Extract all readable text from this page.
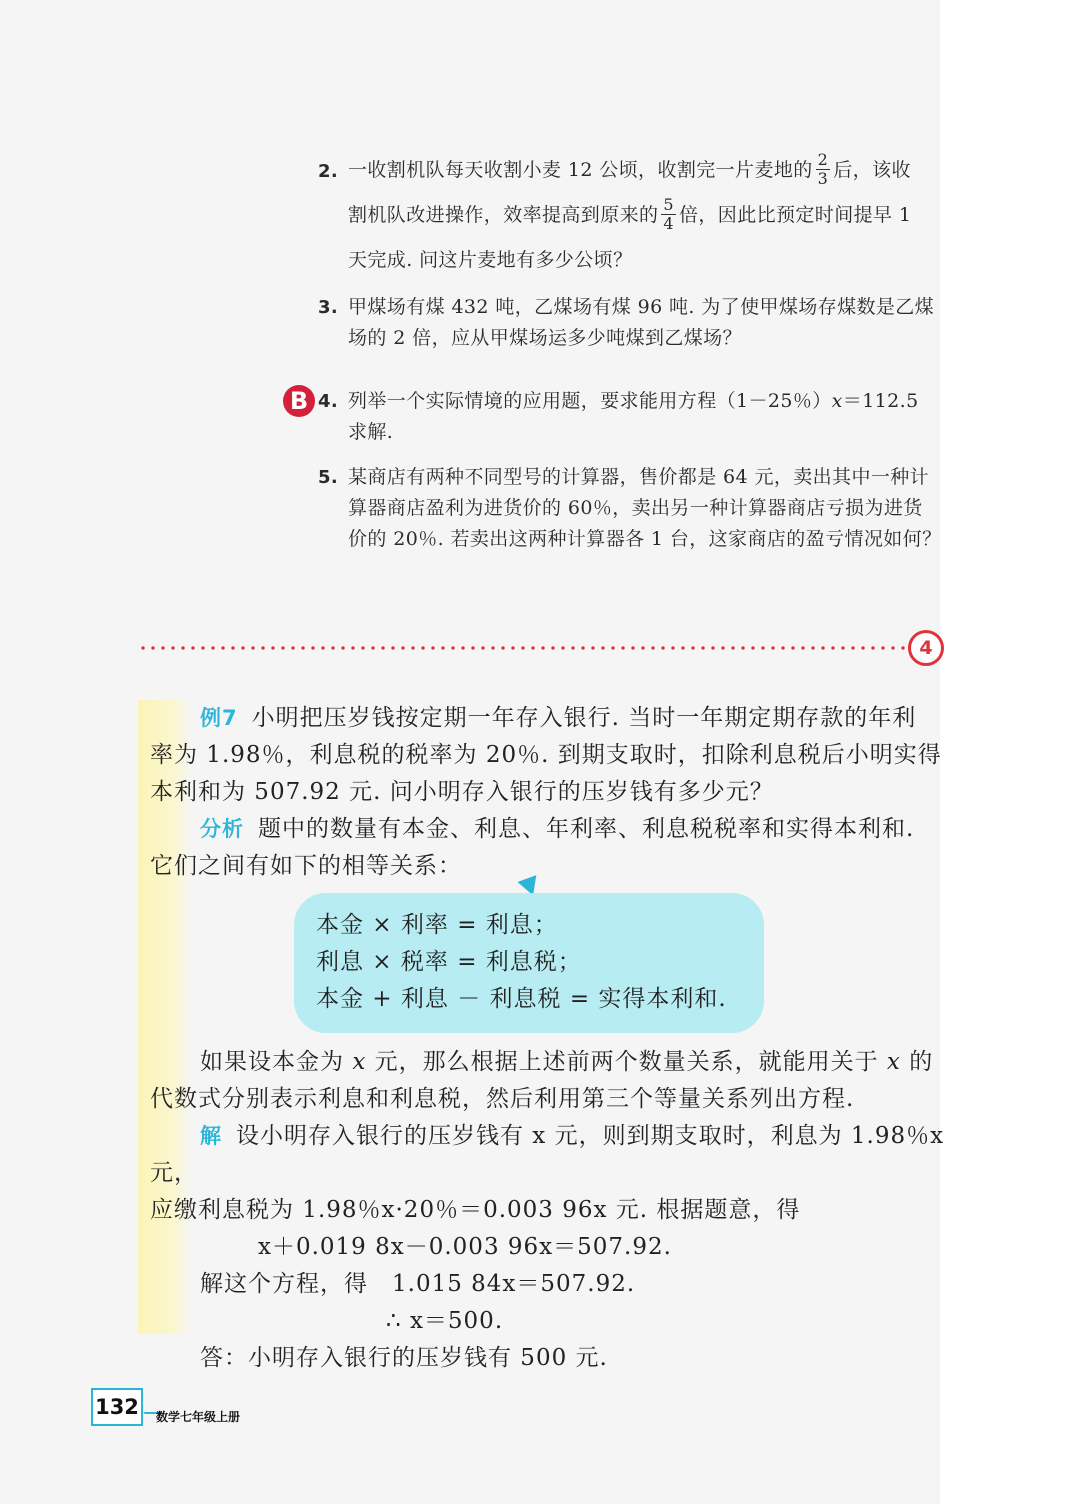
2. 一收割机队每天收割小麦 12 公顷，收割完一片麦地的 $\frac{2}{3}$ 后，该收
割机队改进操作，效率提高到原来的 $\frac{5}{4}$ 倍，因此比预定时间提早 1
天完成. 问这片麦地有多少公顷？
3. 甲煤场有煤 432 吨，乙煤场有煤 96 吨. 为了使甲煤场存煤数是乙煤
场的 2 倍，应从甲煤场运多少吨煤到乙煤场？
B 4. 列举一个实际情境的应用题，要求能用方程（1－25％）x＝112.5
求解.
5. 某商店有两种不同型号的计算器，售价都是 64 元，卖出其中一种计
算器商店盈利为进货价的 60％，卖出另一种计算器商店亏损为进货
价的 20％. 若卖出这两种计算器各 1 台，这家商店的盈亏情况如何？
4
例7 小明把压岁钱按定期一年存入银行. 当时一年期定期存款的年利
率为 1.98％，利息税的税率为 20％. 到期支取时，扣除利息税后小明实得
本利和为 507.92 元. 问小明存入银行的压岁钱有多少元？
分析 题中的数量有本金、利息、年利率、利息税税率和实得本利和.
它们之间有如下的相等关系：
本金 × 利率 = 利息；
利息 × 税率 = 利息税；
本金 + 利息 － 利息税 = 实得本利和.
如果设本金为 x 元，那么根据上述前两个数量关系，就能用关于 x 的
代数式分别表示利息和利息税，然后利用第三个等量关系列出方程.
解 设小明存入银行的压岁钱有 x 元，则到期支取时，利息为 1.98％x 元，
应缴利息税为 1.98％x·20％＝0.003 96x 元. 根据题意，得
x＋0.019 8x－0.003 96x＝507.92.
解这个方程，得 1.015 84x＝507.92.
∴ x＝500.
答：小明存入银行的压岁钱有 500 元.
132	数学七年级上册
